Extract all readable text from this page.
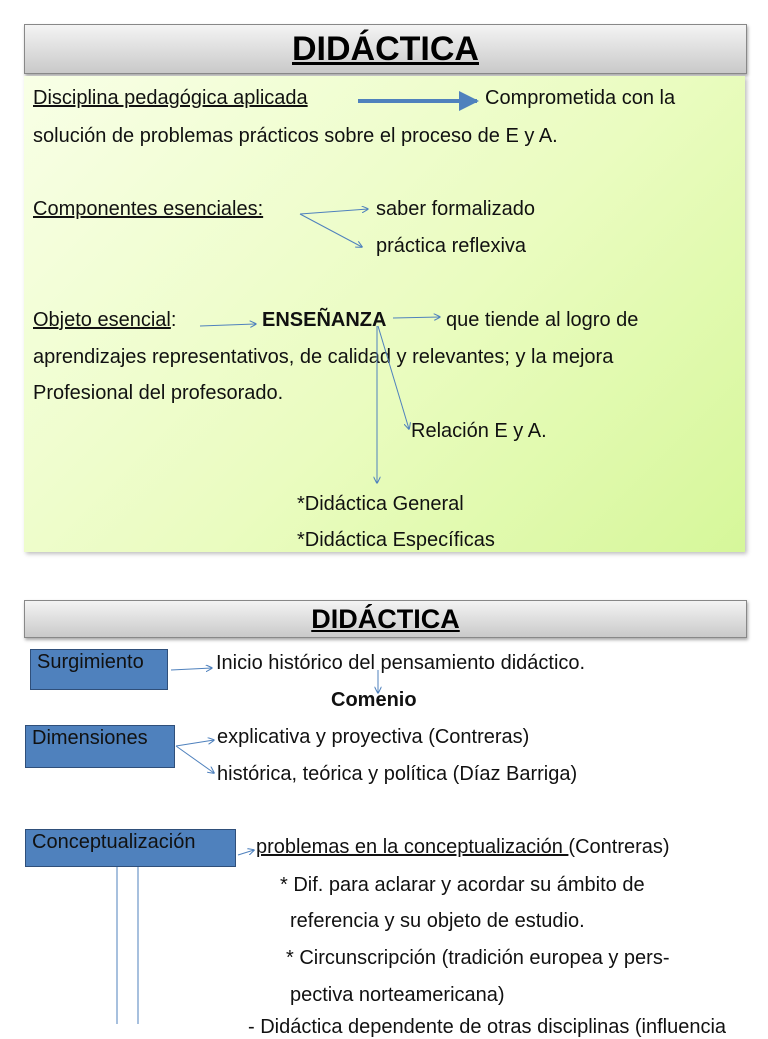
DIDÁCTICA
Disciplina pedagógica aplicada	Comprometida con la
solución de problemas prácticos sobre el proceso de E y A.
Componentes esenciales:	saber formalizado
práctica reflexiva
Objeto esencial:	ENSEÑANZA	que tiende al logro de
aprendizajes representativos, de calidad y relevantes; y la mejora
Profesional del profesorado.
Relación E y A.
*Didáctica General
*Didáctica Específicas
DIDÁCTICA
Surgimiento	Inicio histórico del pensamiento didáctico.
Comenio
Dimensiones	explicativa y proyectiva (Contreras)
histórica, teórica y política (Díaz Barriga)
Conceptualización	problemas en la conceptualización (Contreras)
* Dif. para aclarar y acordar su ámbito de
referencia y su objeto de estudio.
* Circunscripción (tradición europea y pers-
pectiva norteamericana)
- Didáctica dependente de otras disciplinas (influencia
